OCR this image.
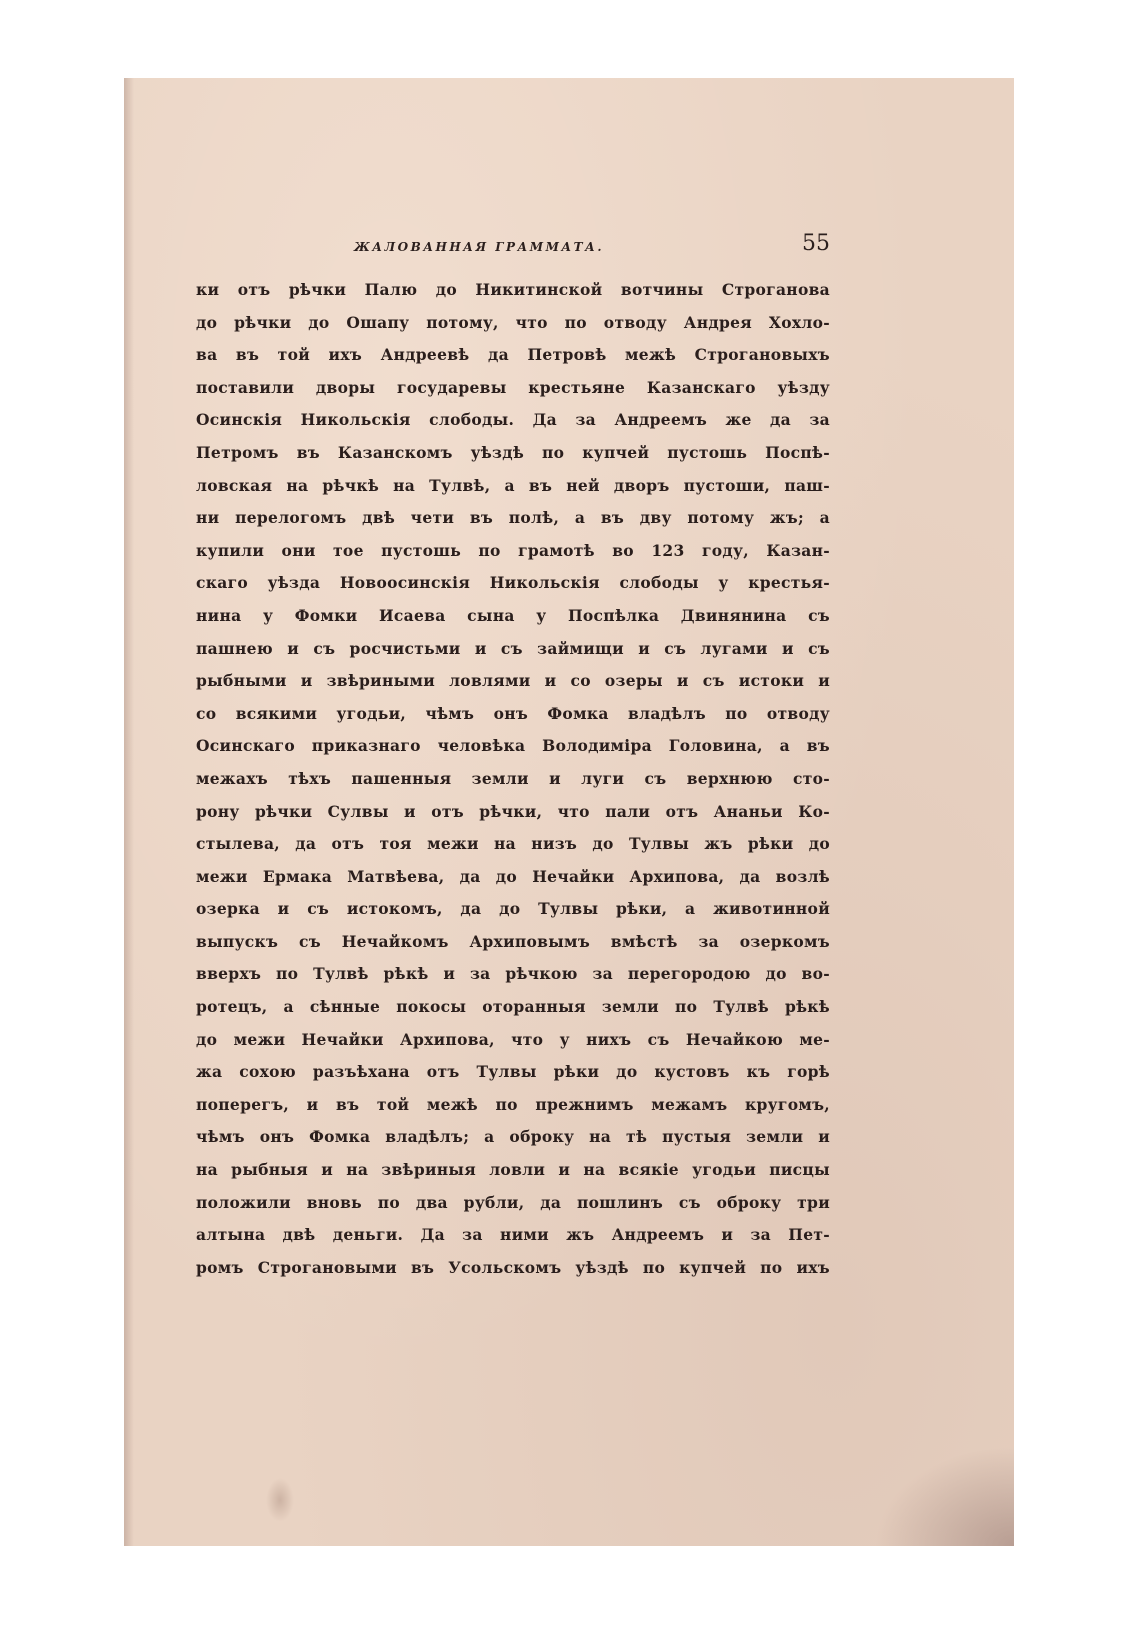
ЖАЛОВАННАЯ ГРАММАТА.	55
ки отъ рѣчки Палю до Никитинской вотчины Строганова
до рѣчки до Ошапу потому, что по отводу Андрея Хохло-
ва въ той ихъ Андреевѣ да Петровѣ межѣ Строгановыхъ
поставили дворы государевы крестьяне Казанскаго уѣзду
Осинскія Никольскія слободы. Да за Андреемъ же да за
Петромъ въ Казанскомъ уѣздѣ по купчей пустошь Поспѣ-
ловская на рѣчкѣ на Тулвѣ, а въ ней дворъ пустоши, паш-
ни перелогомъ двѣ чети въ полѣ, а въ дву потому жъ; а
купили они тое пустошь по грамотѣ во 123 году, Казан-
скаго уѣзда Новоосинскія Никольскія слободы у крестья-
нина у Фомки Исаева сына у Поспѣлка Двинянина съ
пашнею и съ росчистьми и съ займищи и съ лугами и съ
рыбными и звѣриными ловлями и со озеры и съ истоки и
со всякими угодьи, чѣмъ онъ Фомка владѣлъ по отводу
Осинскаго приказнаго человѣка Володиміра Головина, а въ
межахъ тѣхъ пашенныя земли и луги съ верхнюю сто-
рону рѣчки Сулвы и отъ рѣчки, что пали отъ Ананьи Ко-
стылева, да отъ тоя межи на низъ до Тулвы жъ рѣки до
межи Ермака Матвѣева, да до Нечайки Архипова, да возлѣ
озерка и съ истокомъ, да до Тулвы рѣки, а животинной
выпускъ съ Нечайкомъ Архиповымъ вмѣстѣ за озеркомъ
вверхъ по Тулвѣ рѣкѣ и за рѣчкою за перегородою до во-
ротецъ, а сѣнные покосы оторанныя земли по Тулвѣ рѣкѣ
до межи Нечайки Архипова, что у нихъ съ Нечайкою ме-
жа сохою разъѣхана отъ Тулвы рѣки до кустовъ къ горѣ
поперегъ, и въ той межѣ по прежнимъ межамъ кругомъ,
чѣмъ онъ Фомка владѣлъ; а оброку на тѣ пустыя земли и
на рыбныя и на звѣриныя ловли и на всякіе угодьи писцы
положили вновь по два рубли, да пошлинъ съ оброку три
алтына двѣ деньги. Да за ними жъ Андреемъ и за Пет-
ромъ Строгановыми въ Усольскомъ уѣздѣ по купчей по ихъ
